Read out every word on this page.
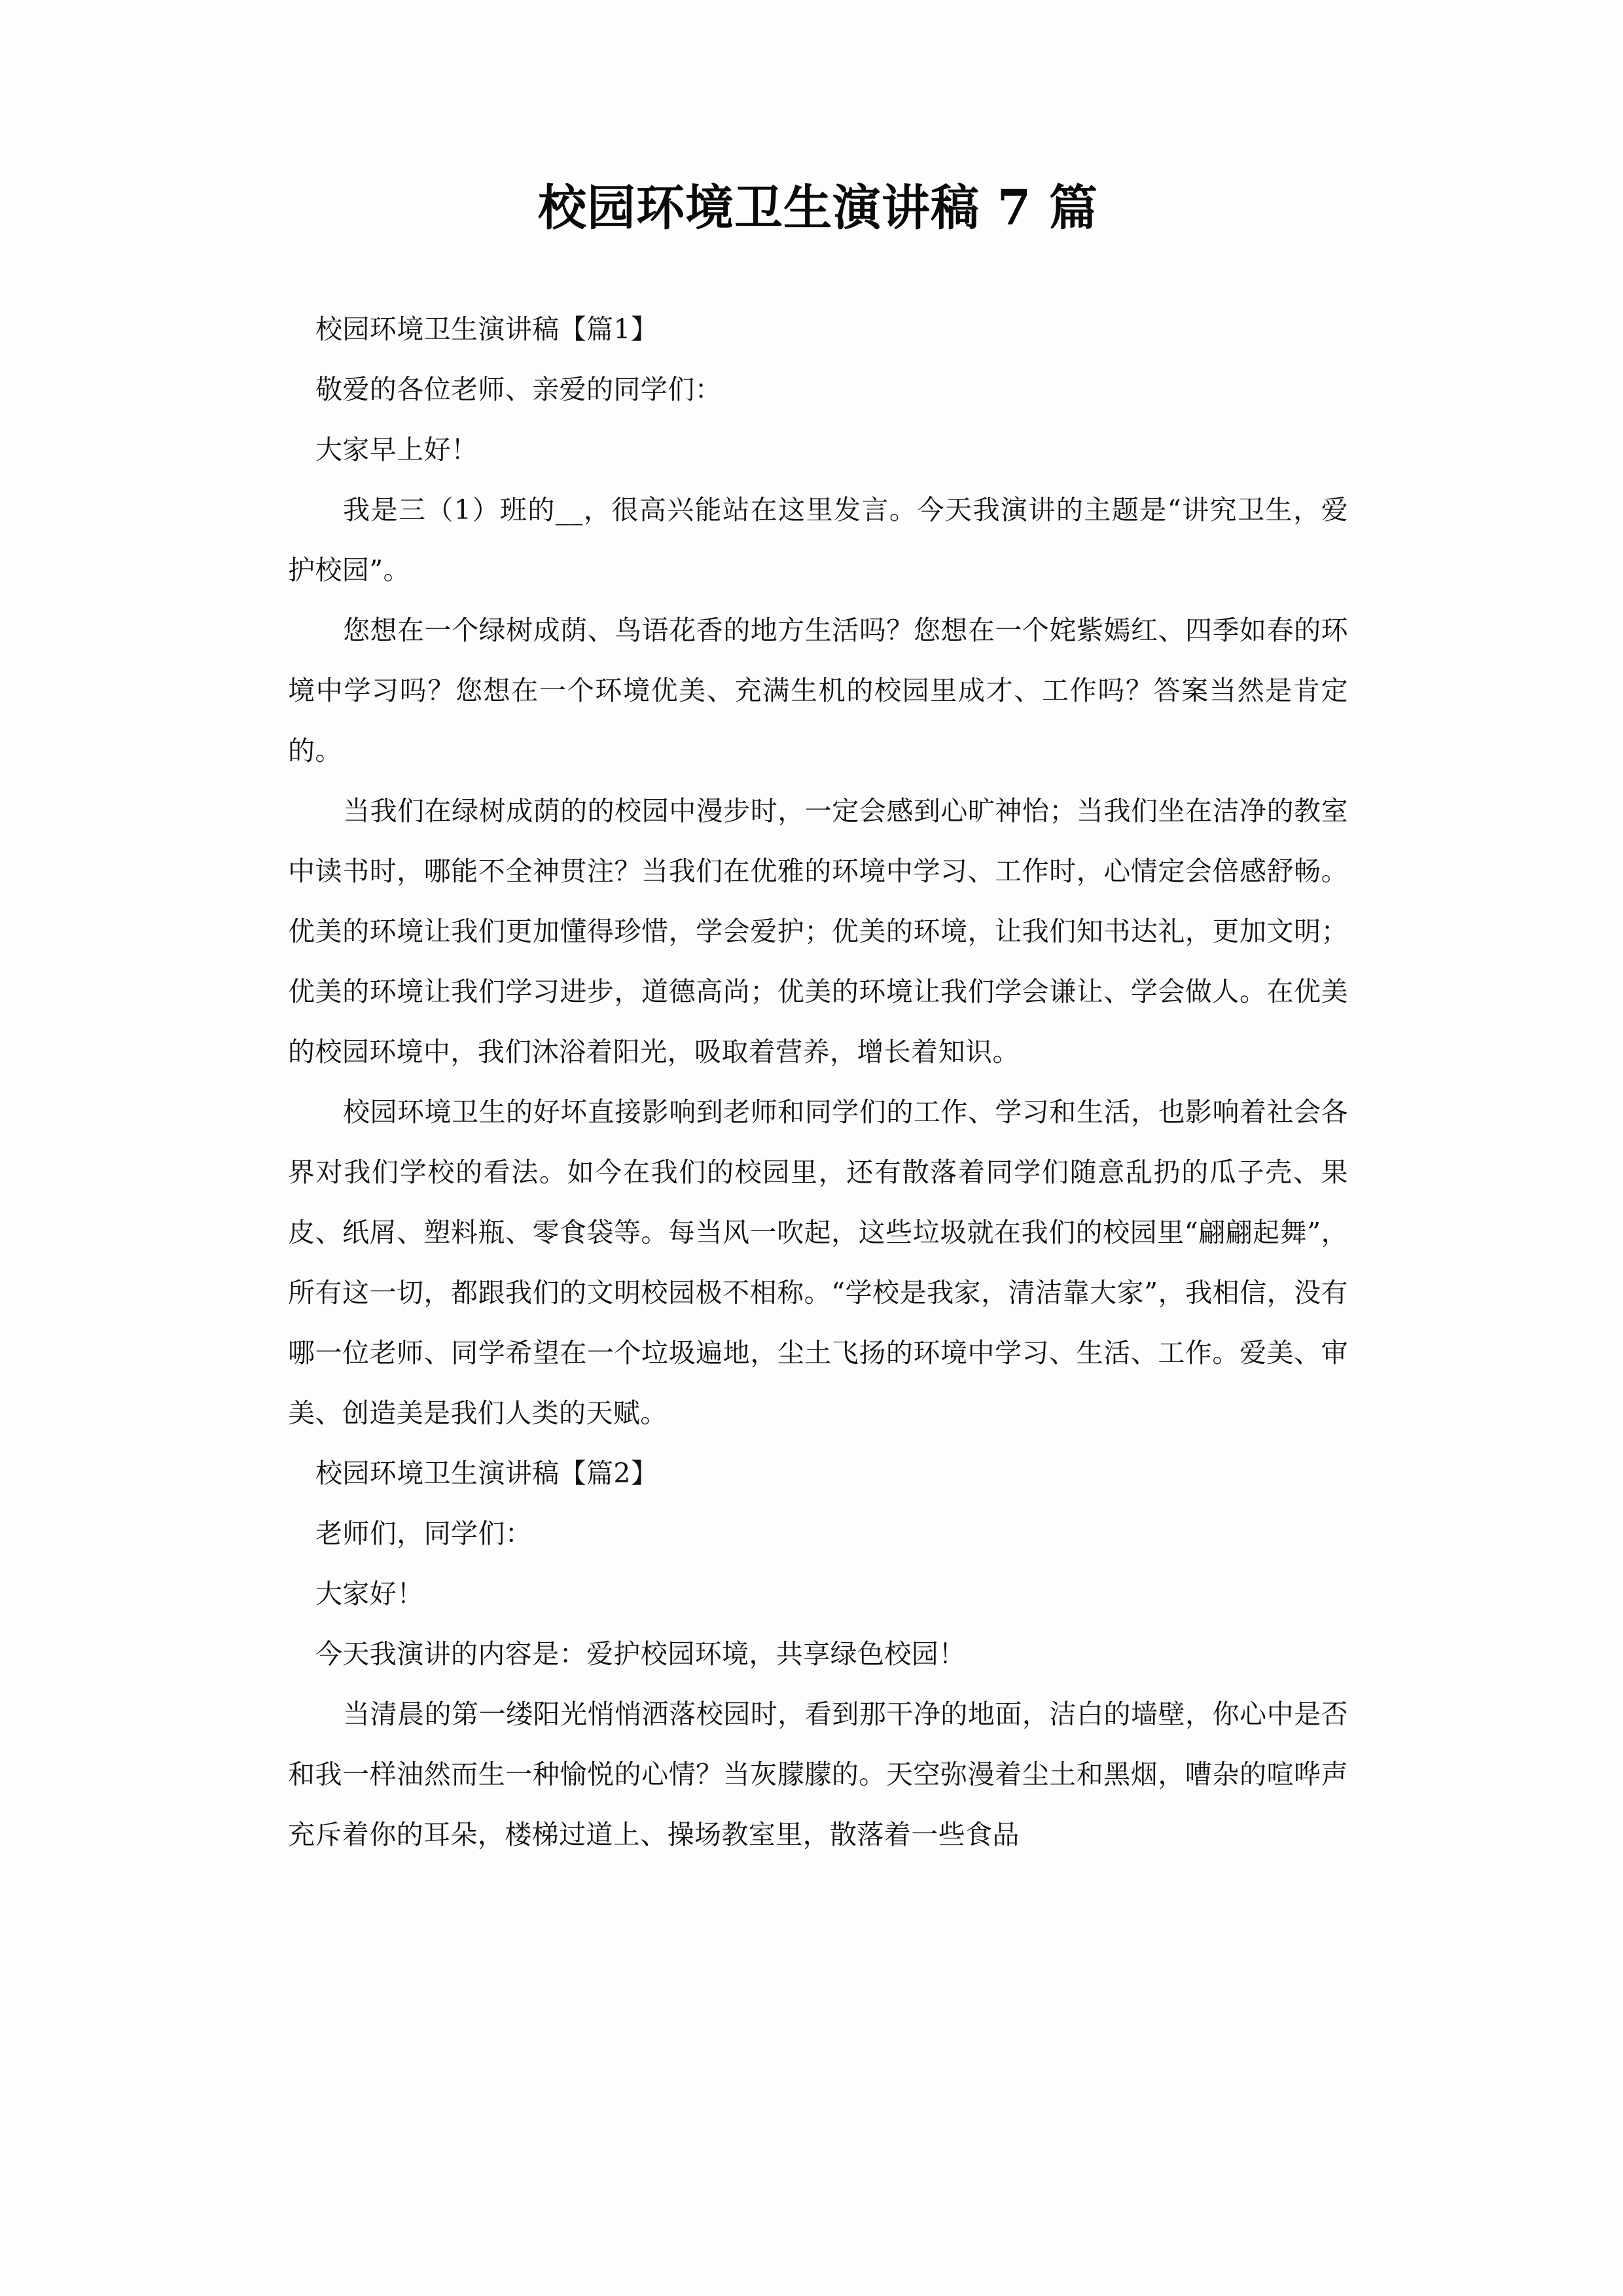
校园环境卫生演讲稿 7 篇

校园环境卫生演讲稿【篇1】

敬爱的各位老师、亲爱的同学们：

大家早上好！

我是三（1）班的__，很高兴能站在这里发言。今天我演讲的主题是“讲究卫生，爱护校园”。

您想在一个绿树成荫、鸟语花香的地方生活吗？您想在一个姹紫嫣红、四季如春的环境中学习吗？您想在一个环境优美、充满生机的校园里成才、工作吗？答案当然是肯定的。

当我们在绿树成荫的的校园中漫步时，一定会感到心旷神怡；当我们坐在洁净的教室中读书时，哪能不全神贯注？当我们在优雅的环境中学习、工作时，心情定会倍感舒畅。优美的环境让我们更加懂得珍惜，学会爱护；优美的环境，让我们知书达礼，更加文明；优美的环境让我们学习进步，道德高尚；优美的环境让我们学会谦让、学会做人。在优美的校园环境中，我们沐浴着阳光，吸取着营养，增长着知识。

校园环境卫生的好坏直接影响到老师和同学们的工作、学习和生活，也影响着社会各界对我们学校的看法。如今在我们的校园里，还有散落着同学们随意乱扔的瓜子壳、果皮、纸屑、塑料瓶、零食袋等。每当风一吹起，这些垃圾就在我们的校园里“翩翩起舞”，所有这一切，都跟我们的文明校园极不相称。“学校是我家，清洁靠大家”，我相信，没有哪一位老师、同学希望在一个垃圾遍地，尘土飞扬的环境中学习、生活、工作。爱美、审美、创造美是我们人类的天赋。

校园环境卫生演讲稿【篇2】

老师们，同学们：

大家好！

今天我演讲的内容是：爱护校园环境，共享绿色校园！

当清晨的第一缕阳光悄悄洒落校园时，看到那干净的地面，洁白的墙壁，你心中是否和我一样油然而生一种愉悦的心情？当灰朦朦的。天空弥漫着尘土和黑烟，嘈杂的喧哗声充斥着你的耳朵，楼梯过道上、操场教室里，散落着一些食品
